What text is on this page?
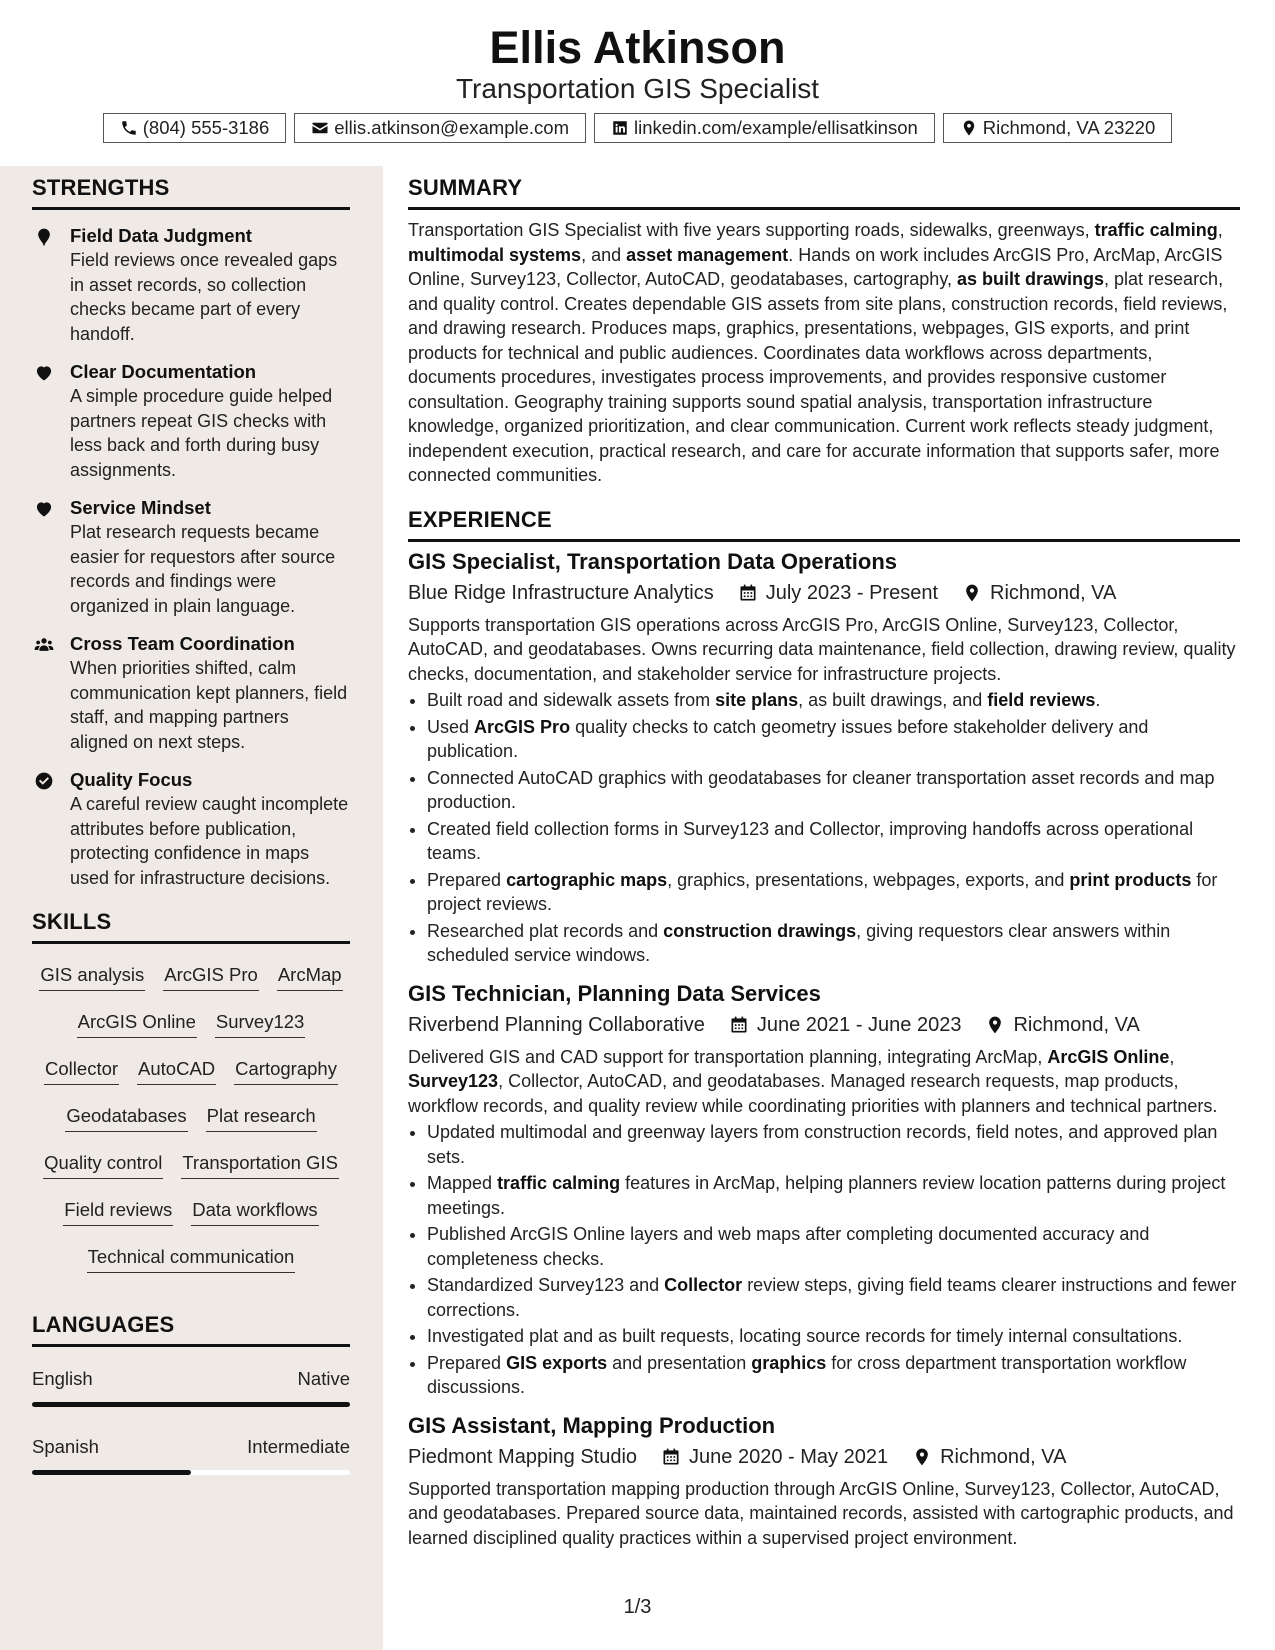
Ellis Atkinson
Transportation GIS Specialist
(804) 555-3186	ellis.atkinson@example.com	linkedin.com/example/ellisatkinson	Richmond, VA 23220
STRENGTHS
Field Data Judgment
Field reviews once revealed gaps in asset records, so collection checks became part of every handoff.
Clear Documentation
A simple procedure guide helped partners repeat GIS checks with less back and forth during busy assignments.
Service Mindset
Plat research requests became easier for requestors after source records and findings were organized in plain language.
Cross Team Coordination
When priorities shifted, calm communication kept planners, field staff, and mapping partners aligned on next steps.
Quality Focus
A careful review caught incomplete attributes before publication, protecting confidence in maps used for infrastructure decisions.
SKILLS
GIS analysis ArcGIS Pro ArcMap
ArcGIS Online Survey123
Collector AutoCAD Cartography
Geodatabases Plat research
Quality control Transportation GIS
Field reviews Data workflows
Technical communication
LANGUAGES
English	Native
Spanish	Intermediate
SUMMARY
Transportation GIS Specialist with five years supporting roads, sidewalks, greenways, traffic calming, multimodal systems, and asset management. Hands on work includes ArcGIS Pro, ArcMap, ArcGIS Online, Survey123, Collector, AutoCAD, geodatabases, cartography, as built drawings, plat research, and quality control. Creates dependable GIS assets from site plans, construction records, field reviews, and drawing research. Produces maps, graphics, presentations, webpages, GIS exports, and print products for technical and public audiences. Coordinates data workflows across departments, documents procedures, investigates process improvements, and provides responsive customer consultation. Geography training supports sound spatial analysis, transportation infrastructure knowledge, organized prioritization, and clear communication. Current work reflects steady judgment, independent execution, practical research, and care for accurate information that supports safer, more connected communities.
EXPERIENCE
GIS Specialist, Transportation Data Operations
Blue Ridge Infrastructure Analytics	July 2023 - Present	Richmond, VA
Supports transportation GIS operations across ArcGIS Pro, ArcGIS Online, Survey123, Collector, AutoCAD, and geodatabases. Owns recurring data maintenance, field collection, drawing review, quality checks, documentation, and stakeholder service for infrastructure projects.
• Built road and sidewalk assets from site plans, as built drawings, and field reviews.
• Used ArcGIS Pro quality checks to catch geometry issues before stakeholder delivery and publication.
• Connected AutoCAD graphics with geodatabases for cleaner transportation asset records and map production.
• Created field collection forms in Survey123 and Collector, improving handoffs across operational teams.
• Prepared cartographic maps, graphics, presentations, webpages, exports, and print products for project reviews.
• Researched plat records and construction drawings, giving requestors clear answers within scheduled service windows.
GIS Technician, Planning Data Services
Riverbend Planning Collaborative	June 2021 - June 2023	Richmond, VA
Delivered GIS and CAD support for transportation planning, integrating ArcMap, ArcGIS Online, Survey123, Collector, AutoCAD, and geodatabases. Managed research requests, map products, workflow records, and quality review while coordinating priorities with planners and technical partners.
• Updated multimodal and greenway layers from construction records, field notes, and approved plan sets.
• Mapped traffic calming features in ArcMap, helping planners review location patterns during project meetings.
• Published ArcGIS Online layers and web maps after completing documented accuracy and completeness checks.
• Standardized Survey123 and Collector review steps, giving field teams clearer instructions and fewer corrections.
• Investigated plat and as built requests, locating source records for timely internal consultations.
• Prepared GIS exports and presentation graphics for cross department transportation workflow discussions.
GIS Assistant, Mapping Production
Piedmont Mapping Studio	June 2020 - May 2021	Richmond, VA
Supported transportation mapping production through ArcGIS Online, Survey123, Collector, AutoCAD, and geodatabases. Prepared source data, maintained records, assisted with cartographic products, and learned disciplined quality practices within a supervised project environment.
1/3
